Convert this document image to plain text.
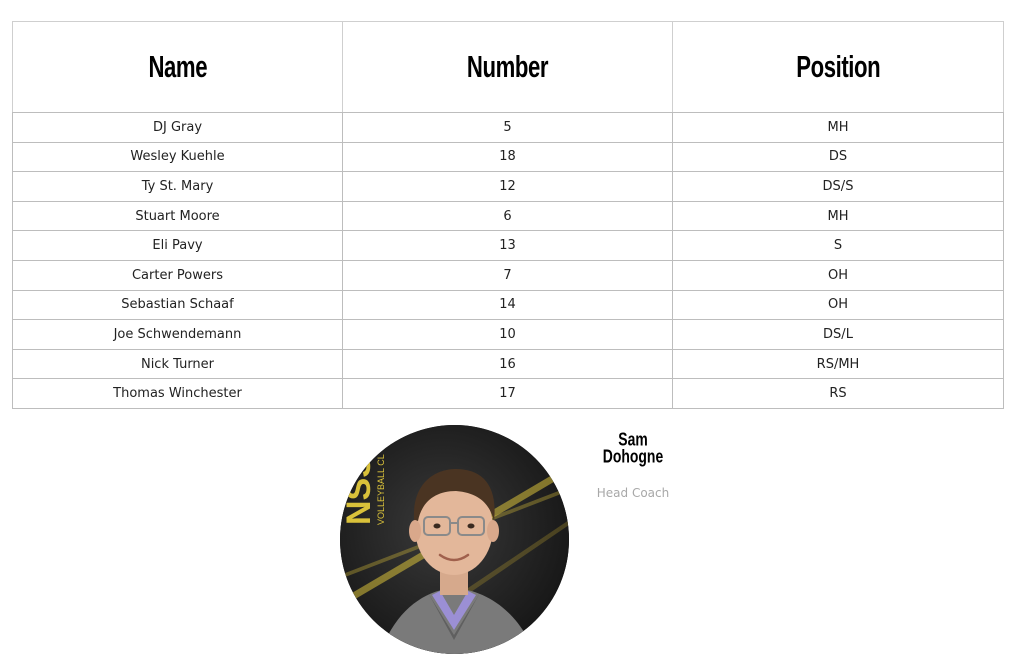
Name	Number	Position
DJ Gray	5	MH
Wesley Kuehle	18	DS
Ty St. Mary	12	DS/S
Stuart Moore	6	MH
Eli Pavy	13	S
Carter Powers	7	OH
Sebastian Schaaf	14	OH
Joe Schwendemann	10	DS/L
Nick Turner	16	RS/MH
Thomas Winchester	17	RS
NSS
VOLLEYBALL CL
Sam
Dohogne
Head Coach
